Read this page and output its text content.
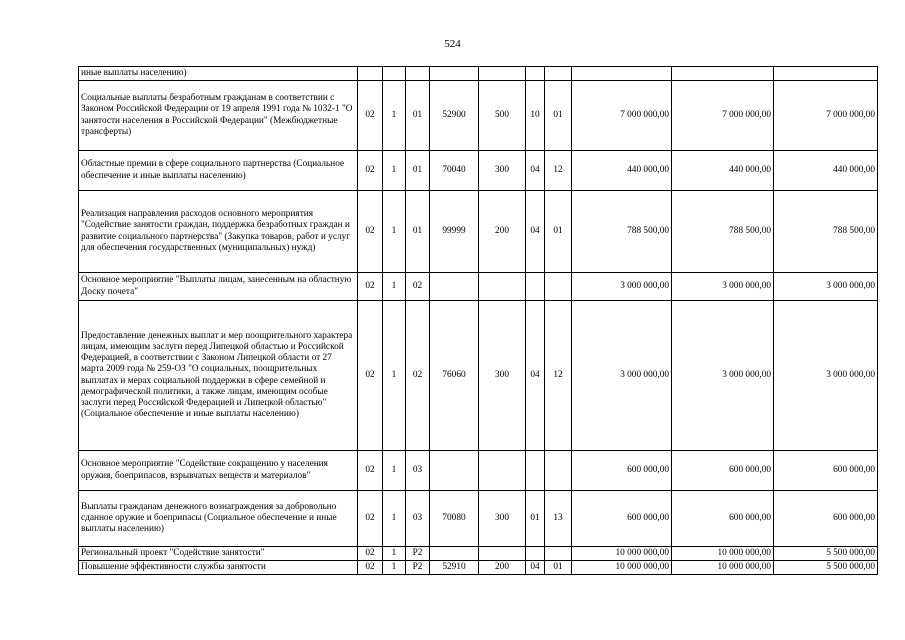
524
иные выплаты населению)										
Социальные выплаты безработным гражданам в соответствии с Законом Российской Федерации от 19 апреля 1991 года № 1032-1 "О занятости населения в Российской Федерации" (Межбюджетные трансферты)	02	1	01	52900	500	10	01	7 000 000,00	7 000 000,00	7 000 000,00
Областные премии в сфере социального партнерства (Социальное обеспечение и иные выплаты населению)	02	1	01	70040	300	04	12	440 000,00	440 000,00	440 000,00
Реализация направления расходов основного мероприятия "Содействие занятости граждан, поддержка безработных граждан и развитие социального партнерства" (Закупка товаров, работ и услуг для обеспечения государственных (муниципальных) нужд)	02	1	01	99999	200	04	01	788 500,00	788 500,00	788 500,00
Основное мероприятие "Выплаты лицам, занесенным на областную Доску почета"	02	1	02					3 000 000,00	3 000 000,00	3 000 000,00
Предоставление денежных выплат и мер поощрительного характера лицам, имеющим заслуги перед Липецкой областью и Российской Федерацией, в соответствии с Законом Липецкой области от 27 марта 2009 года № 259-ОЗ "О социальных, поощрительных выплатах и мерах социальной поддержки в сфере семейной и демографической политики, а также лицам, имеющим особые заслуги перед Российской Федерацией и Липецкой областью" (Социальное обеспечение и иные выплаты населению)	02	1	02	76060	300	04	12	3 000 000,00	3 000 000,00	3 000 000,00
Основное мероприятие "Содействие сокращению у населения оружия, боеприпасов, взрывчатых веществ и материалов"	02	1	03					600 000,00	600 000,00	600 000,00
Выплаты гражданам денежного вознаграждения за добровольно сданное оружие и боеприпасы (Социальное обеспечение и иные выплаты населению)	02	1	03	70080	300	01	13	600 000,00	600 000,00	600 000,00
Региональный проект "Содействие занятости"	02	1	P2					10 000 000,00	10 000 000,00	5 500 000,00
Повышение эффективности службы занятости	02	1	P2	52910	200	04	01	10 000 000,00	10 000 000,00	5 500 000,00
